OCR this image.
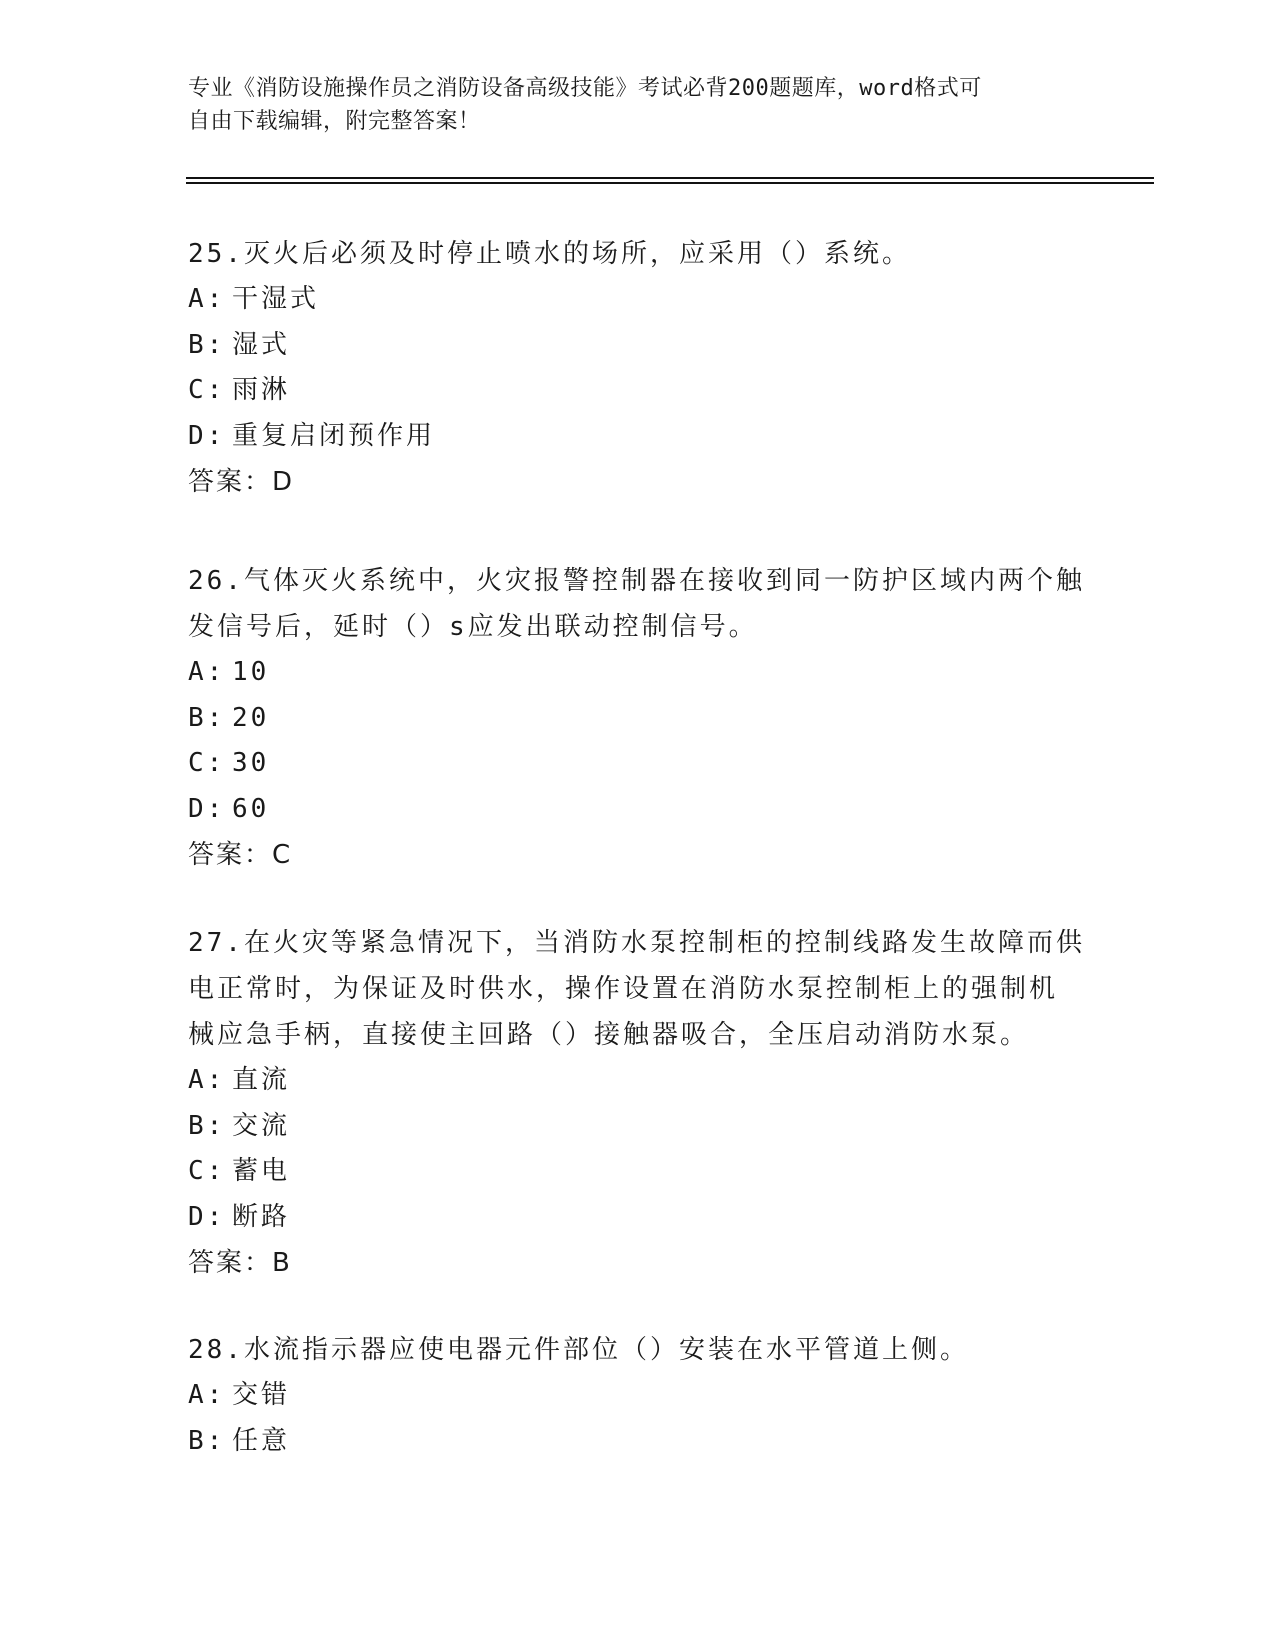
专业《消防设施操作员之消防设备高级技能》考试必背200题题库，word格式可
自由下载编辑，附完整答案！

25.灭火后必须及时停止喷水的场所，应采用（）系统。

A: 干湿式

B: 湿式

C: 雨淋

D: 重复启闭预作用

答案：D

26.气体灭火系统中，火灾报警控制器在接收到同一防护区域内两个触

发信号后，延时（）s应发出联动控制信号。

A: 10

B: 20

C: 30

D: 60

答案：C

27.在火灾等紧急情况下，当消防水泵控制柜的控制线路发生故障而供

电正常时，为保证及时供水，操作设置在消防水泵控制柜上的强制机

械应急手柄，直接使主回路（）接触器吸合，全压启动消防水泵。

A: 直流

B: 交流

C: 蓄电

D: 断路

答案：B

28.水流指示器应使电器元件部位（）安装在水平管道上侧。

A: 交错

B: 任意
